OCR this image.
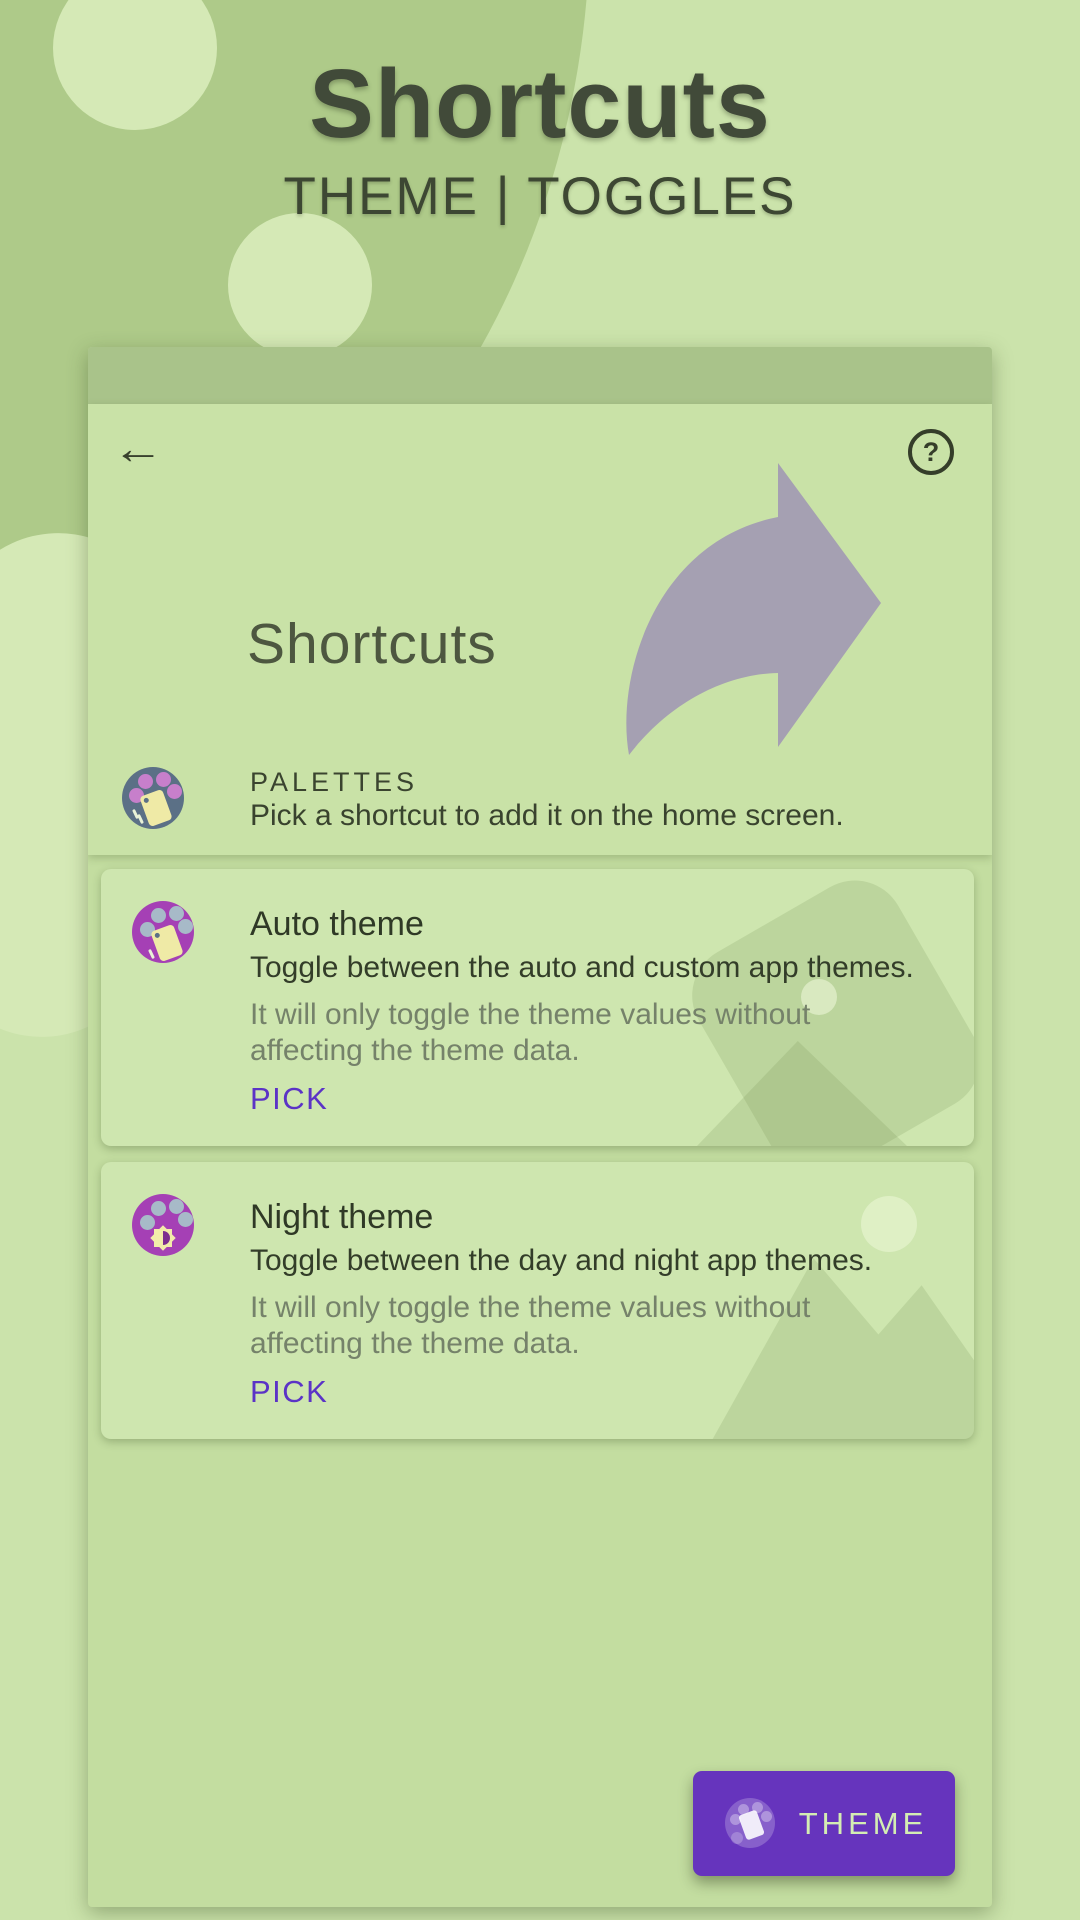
Shortcuts
THEME | TOGGLES
←	?
Shortcuts
PALETTES
Pick a shortcut to add it on the home screen.
Auto theme
Toggle between the auto and custom app themes.
It will only toggle the theme values without affecting the theme data.
PICK
Night theme
Toggle between the day and night app themes.
It will only toggle the theme values without affecting the theme data.
PICK
THEME
